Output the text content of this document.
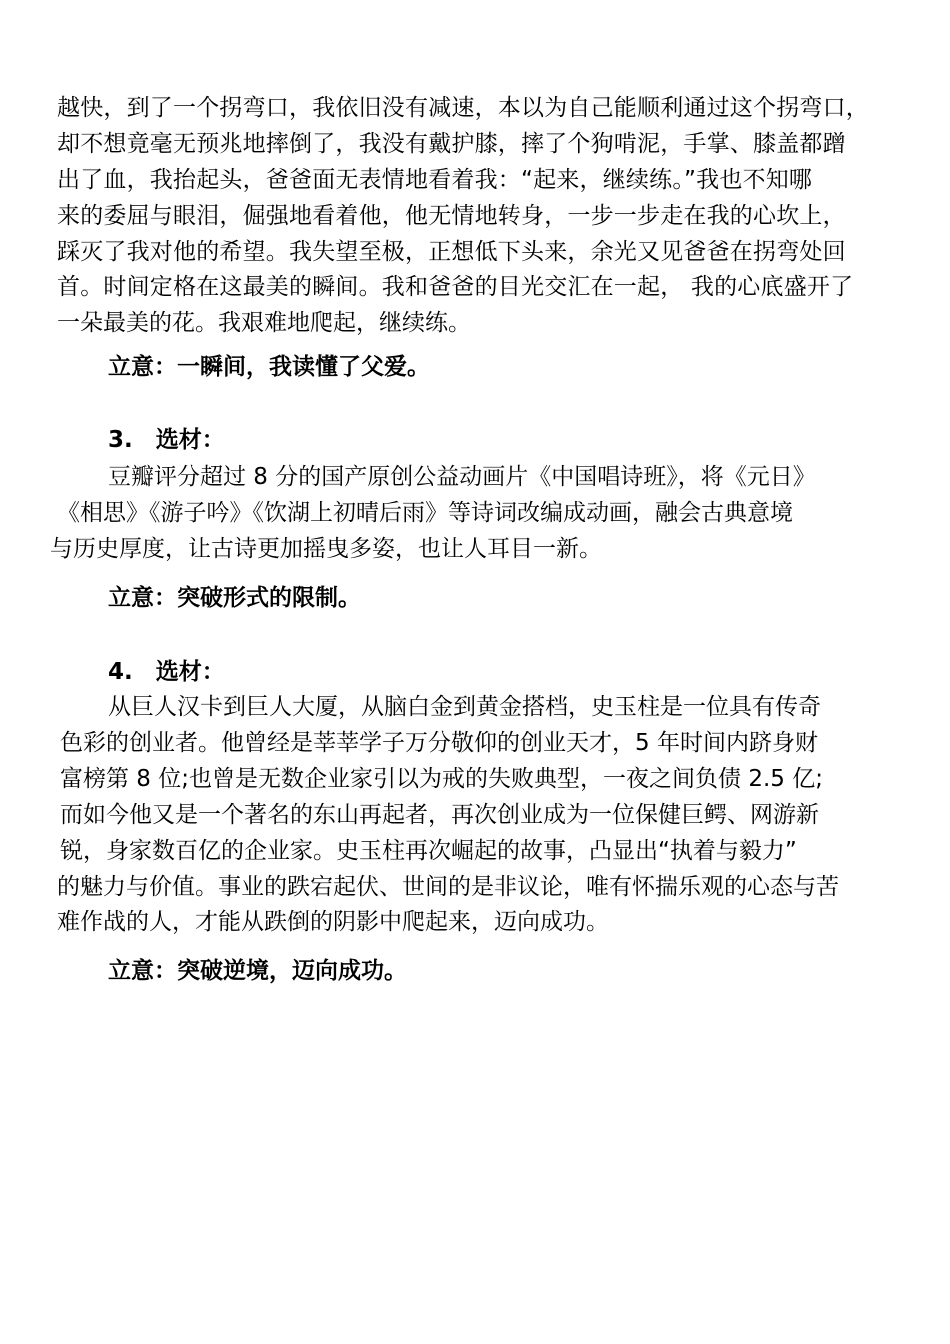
越快，到了一个拐弯口，我依旧没有减速，本以为自己能顺利通过这个拐弯口，
却不想竟毫无预兆地摔倒了，我没有戴护膝，摔了个狗啃泥，手掌、膝盖都蹭
出了血，我抬起头，爸爸面无表情地看着我：“起来，继续练。”我也不知哪
来的委屈与眼泪，倔强地看着他，他无情地转身，一步一步走在我的心坎上，
踩灭了我对他的希望。我失望至极，正想低下头来，余光又见爸爸在拐弯处回
首。时间定格在这最美的瞬间。我和爸爸的目光交汇在一起， 我的心底盛开了
一朵最美的花。我艰难地爬起，继续练。
立意：一瞬间，我读懂了父爱。
3.　选材：
豆瓣评分超过 8 分的国产原创公益动画片《中国唱诗班》，将《元日》
《相思》《游子吟》《饮湖上初晴后雨》等诗词改编成动画，融会古典意境
与历史厚度，让古诗更加摇曳多姿，也让人耳目一新。
立意：突破形式的限制。
4.　选材：
从巨人汉卡到巨人大厦，从脑白金到黄金搭档，史玉柱是一位具有传奇
色彩的创业者。他曾经是莘莘学子万分敬仰的创业天才，5 年时间内跻身财
富榜第 8 位;也曾是无数企业家引以为戒的失败典型，一夜之间负债 2.5 亿;
而如今他又是一个著名的东山再起者，再次创业成为一位保健巨鳄、网游新
锐，身家数百亿的企业家。史玉柱再次崛起的故事，凸显出“执着与毅力”
的魅力与价值。事业的跌宕起伏、世间的是非议论，唯有怀揣乐观的心态与苦
难作战的人，才能从跌倒的阴影中爬起来，迈向成功。
立意：突破逆境，迈向成功。
